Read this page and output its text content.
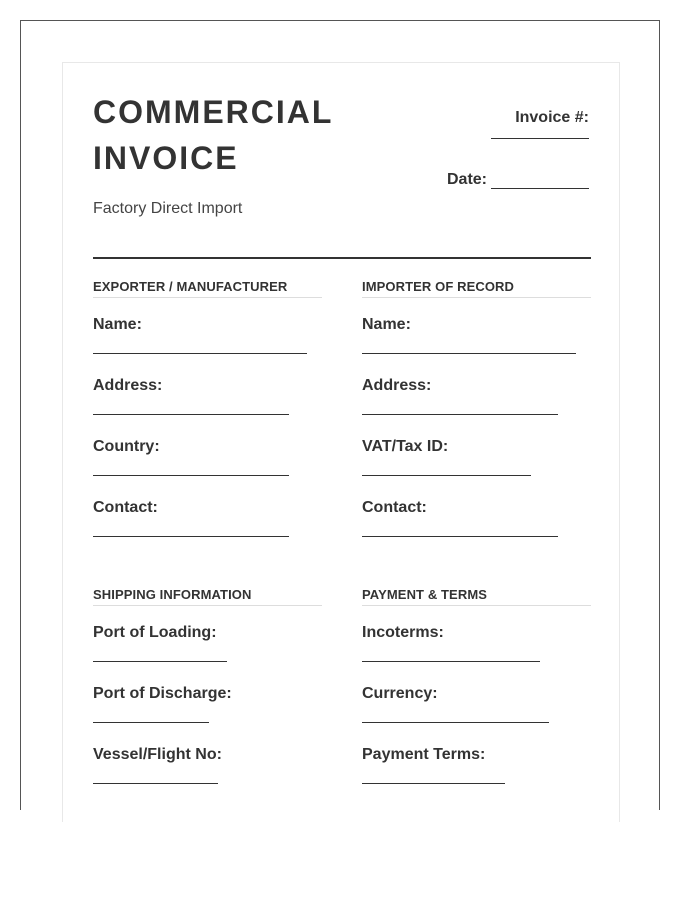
COMMERCIAL INVOICE
Factory Direct Import
Invoice #:
Date:
EXPORTER / MANUFACTURER
Name:
Address:
Country:
Contact:
IMPORTER OF RECORD
Name:
Address:
VAT/Tax ID:
Contact:
SHIPPING INFORMATION
Port of Loading:
Port of Discharge:
Vessel/Flight No:
PAYMENT & TERMS
Incoterms:
Currency:
Payment Terms:
